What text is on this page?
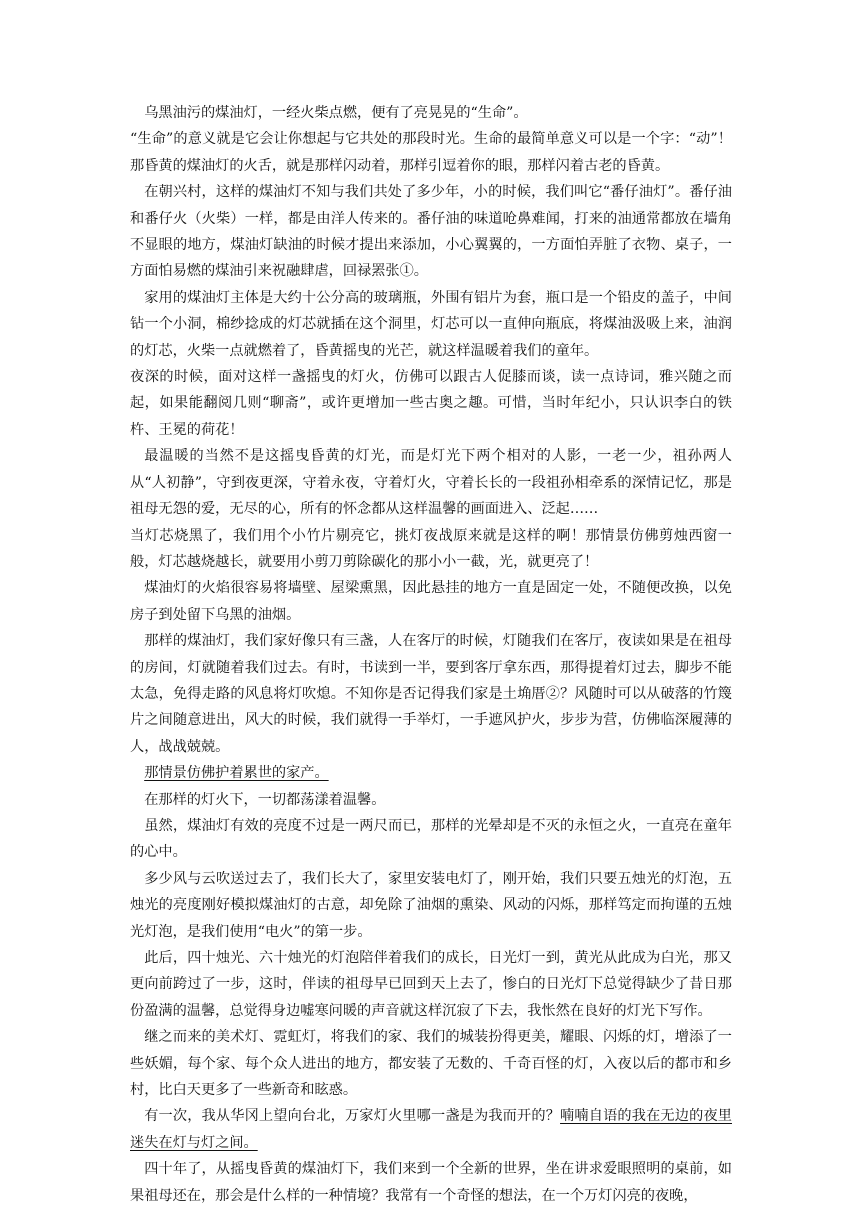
乌黑油污的煤油灯，一经火柴点燃，便有了亮晃晃的“生命”。

“生命”的意义就是它会让你想起与它共处的那段时光。生命的最简单意义可以是一个字：“动”！那昏黄的煤油灯的火舌，就是那样闪动着，那样引逗着你的眼，那样闪着古老的昏黄。

在朝兴村，这样的煤油灯不知与我们共处了多少年，小的时候，我们叫它“番仔油灯”。番仔油和番仔火（火柴）一样，都是由洋人传来的。番仔油的味道呛鼻难闻，打来的油通常都放在墙角不显眼的地方，煤油灯缺油的时候才提出来添加，小心翼翼的，一方面怕弄脏了衣物、桌子，一方面怕易燃的煤油引来祝融肆虐，回禄罴张①。

家用的煤油灯主体是大约十公分高的玻璃瓶，外围有铝片为套，瓶口是一个铅皮的盖子，中间钻一个小洞，棉纱捻成的灯芯就插在这个洞里，灯芯可以一直伸向瓶底，将煤油汲吸上来，油润的灯芯，火柴一点就燃着了，昏黄摇曳的光芒，就这样温暖着我们的童年。

夜深的时候，面对这样一盏摇曳的灯火，仿佛可以跟古人促膝而谈，读一点诗词，雅兴随之而起，如果能翻阅几则“聊斋”，或许更增加一些古奥之趣。可惜，当时年纪小，只认识李白的铁杵、王冕的荷花！

最温暖的当然不是这摇曳昏黄的灯光，而是灯光下两个相对的人影，一老一少，祖孙两人从“人初静”，守到夜更深，守着永夜，守着灯火，守着长长的一段祖孙相牵系的深情记忆，那是祖母无怨的爱，无尽的心，所有的怀念都从这样温馨的画面进入、泛起……

当灯芯烧黑了，我们用个小竹片剔亮它，挑灯夜战原来就是这样的啊！那情景仿佛剪烛西窗一般，灯芯越烧越长，就要用小剪刀剪除碳化的那小小一截，光，就更亮了！

煤油灯的火焰很容易将墙壁、屋梁熏黑，因此悬挂的地方一直是固定一处，不随便改换，以免房子到处留下乌黑的油烟。

那样的煤油灯，我们家好像只有三盏，人在客厅的时候，灯随我们在客厅，夜读如果是在祖母的房间，灯就随着我们过去。有时，书读到一半，要到客厅拿东西，那得提着灯过去，脚步不能太急，免得走路的风息将灯吹熄。不知你是否记得我们家是土埆厝②？风随时可以从破落的竹篾片之间随意进出，风大的时候，我们就得一手举灯，一手遮风护火，步步为营，仿佛临深履薄的人，战战兢兢。

那情景仿佛护着累世的家产。

在那样的灯火下，一切都荡漾着温馨。

虽然，煤油灯有效的亮度不过是一两尺而已，那样的光晕却是不灭的永恒之火，一直亮在童年的心中。

多少风与云吹送过去了，我们长大了，家里安装电灯了，刚开始，我们只要五烛光的灯泡，五烛光的亮度刚好模拟煤油灯的古意，却免除了油烟的熏染、风动的闪烁，那样笃定而拘谨的五烛光灯泡，是我们使用“电火”的第一步。

此后，四十烛光、六十烛光的灯泡陪伴着我们的成长，日光灯一到，黄光从此成为白光，那又更向前跨过了一步，这时，伴读的祖母早已回到天上去了，惨白的日光灯下总觉得缺少了昔日那份盈满的温馨，总觉得身边嘘寒问暖的声音就这样沉寂了下去，我怅然在良好的灯光下写作。

继之而来的美术灯、霓虹灯，将我们的家、我们的城装扮得更美，耀眼、闪烁的灯，增添了一些妖媚，每个家、每个众人进出的地方，都安装了无数的、千奇百怪的灯，入夜以后的都市和乡村，比白天更多了一些新奇和眩惑。

有一次，我从华冈上望向台北，万家灯火里哪一盏是为我而开的？喃喃自语的我在无边的夜里迷失在灯与灯之间。

四十年了，从摇曳昏黄的煤油灯下，我们来到一个全新的世界，坐在讲求爱眼照明的桌前，如果祖母还在，那会是什么样的一种情境？我常有一个奇怪的想法，在一个万灯闪亮的夜晚，
